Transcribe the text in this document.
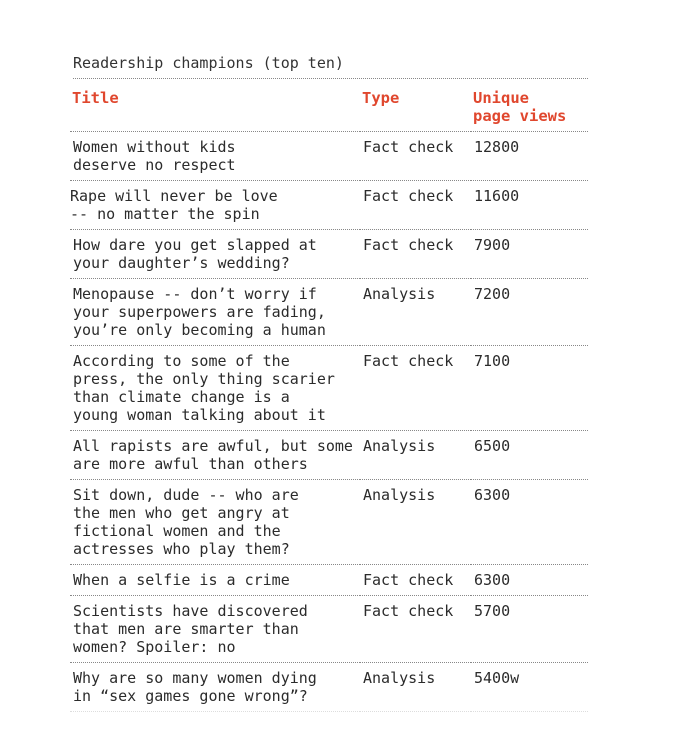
Readership champions (top ten)
Title	Type	Unique
page views
Women without kids
deserve no respect	Fact check	12800
Rape will never be love
-- no matter the spin	Fact check	11600
How dare you get slapped at
your daughter’s wedding?	Fact check	7900
Menopause -- don’t worry if
your superpowers are fading,
you’re only becoming a human	Analysis	7200
According to some of the
press, the only thing scarier
than climate change is a
young woman talking about it	Fact check	7100
All rapists are awful, but some
are more awful than others	Analysis	6500
Sit down, dude -- who are
the men who get angry at
fictional women and the
actresses who play them?	Analysis	6300
When a selfie is a crime	Fact check	6300
Scientists have discovered
that men are smarter than
women? Spoiler: no	Fact check	5700
Why are so many women dying
in “sex games gone wrong”?	Analysis	5400w
